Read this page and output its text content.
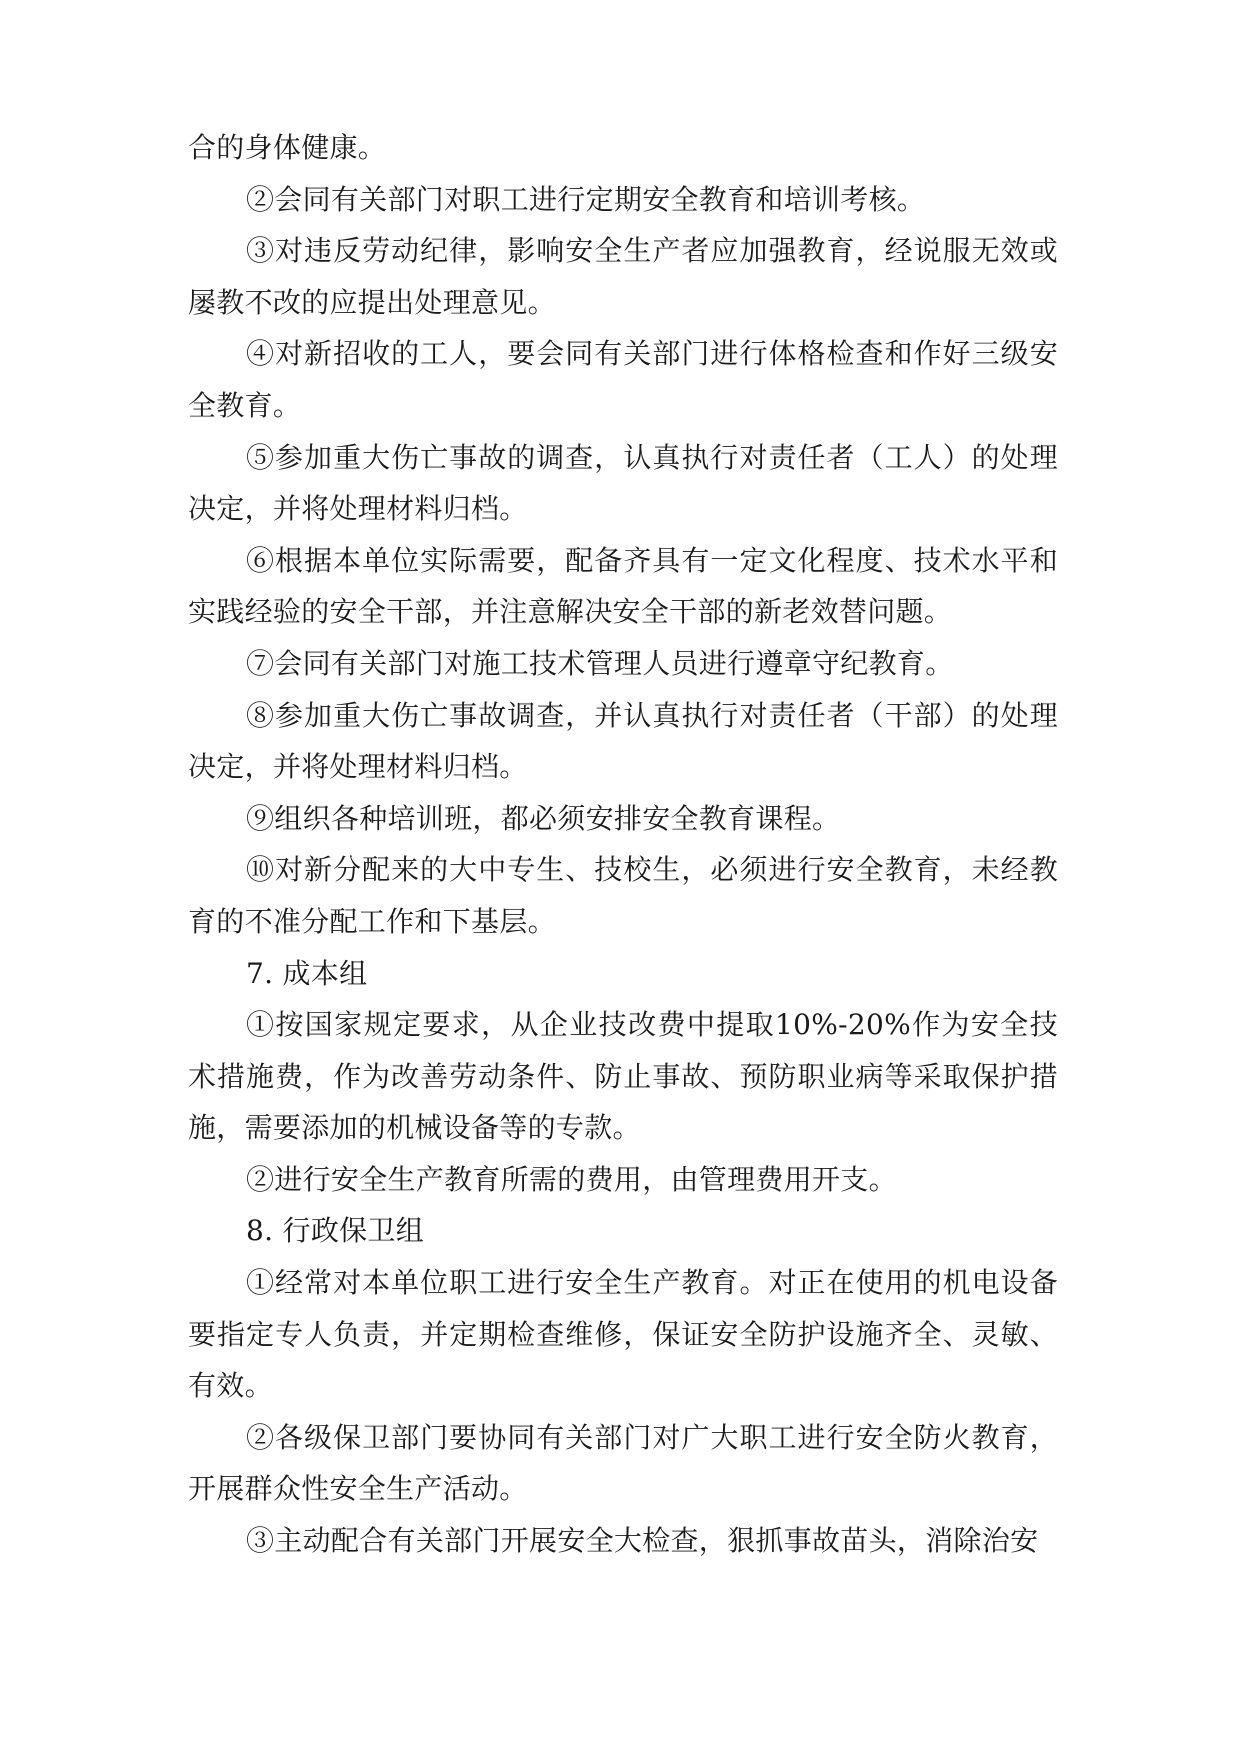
合的身体健康。

②会同有关部门对职工进行定期安全教育和培训考核。

③对违反劳动纪律，影响安全生产者应加强教育，经说服无效或屡教不改的应提出处理意见。

④对新招收的工人，要会同有关部门进行体格检查和作好三级安全教育。

⑤参加重大伤亡事故的调查，认真执行对责任者（工人）的处理决定，并将处理材料归档。

⑥根据本单位实际需要，配备齐具有一定文化程度、技术水平和实践经验的安全干部，并注意解决安全干部的新老效替问题。

⑦会同有关部门对施工技术管理人员进行遵章守纪教育。

⑧参加重大伤亡事故调查，并认真执行对责任者（干部）的处理决定，并将处理材料归档。

⑨组织各种培训班，都必须安排安全教育课程。

⑩对新分配来的大中专生、技校生，必须进行安全教育，未经教育的不准分配工作和下基层。

7. 成本组

①按国家规定要求，从企业技改费中提取10%-20%作为安全技术措施费，作为改善劳动条件、防止事故、预防职业病等采取保护措施，需要添加的机械设备等的专款。

②进行安全生产教育所需的费用，由管理费用开支。

8. 行政保卫组

①经常对本单位职工进行安全生产教育。对正在使用的机电设备要指定专人负责，并定期检查维修，保证安全防护设施齐全、灵敏、有效。

②各级保卫部门要协同有关部门对广大职工进行安全防火教育，开展群众性安全生产活动。

③主动配合有关部门开展安全大检查，狠抓事故苗头，消除治安
